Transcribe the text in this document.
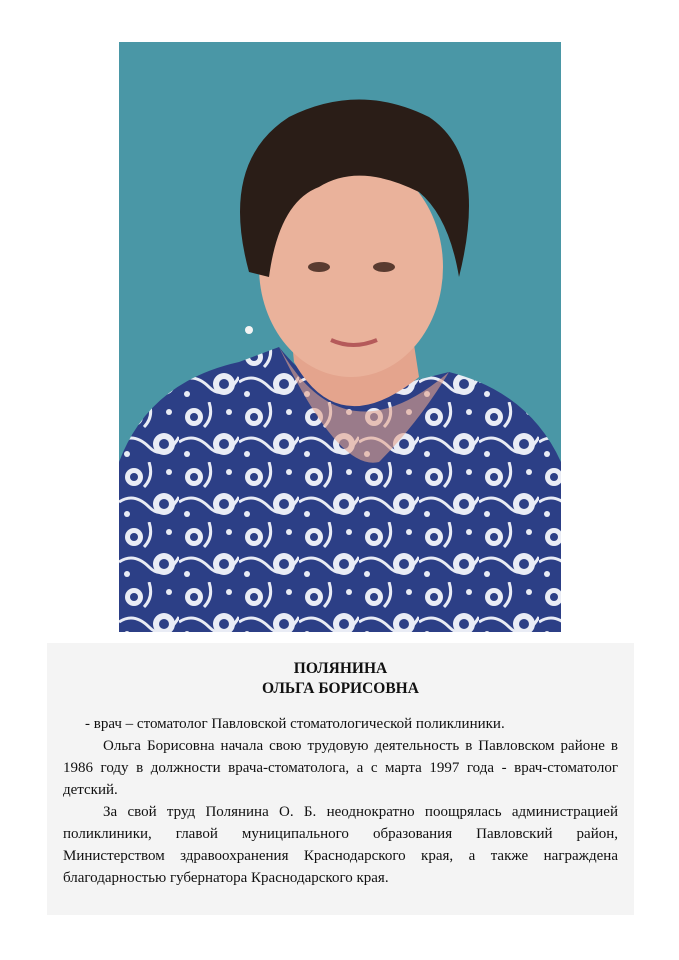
ПОЛЯНИНА
ОЛЬГА БОРИСОВНА

- врач – стоматолог Павловской стоматологической поликлиники.

Ольга Борисовна начала свою трудовую деятельность в Павловском районе в 1986 году в должности врача-стоматолога, а с марта 1997 года - врач-стоматолог детский.

За свой труд Полянина О. Б. неоднократно поощрялась администрацией поликлиники, главой муниципального образования Павловский район, Министерством здравоохранения Краснодарского края, а также награждена благодарностью губернатора Краснодарского края.
